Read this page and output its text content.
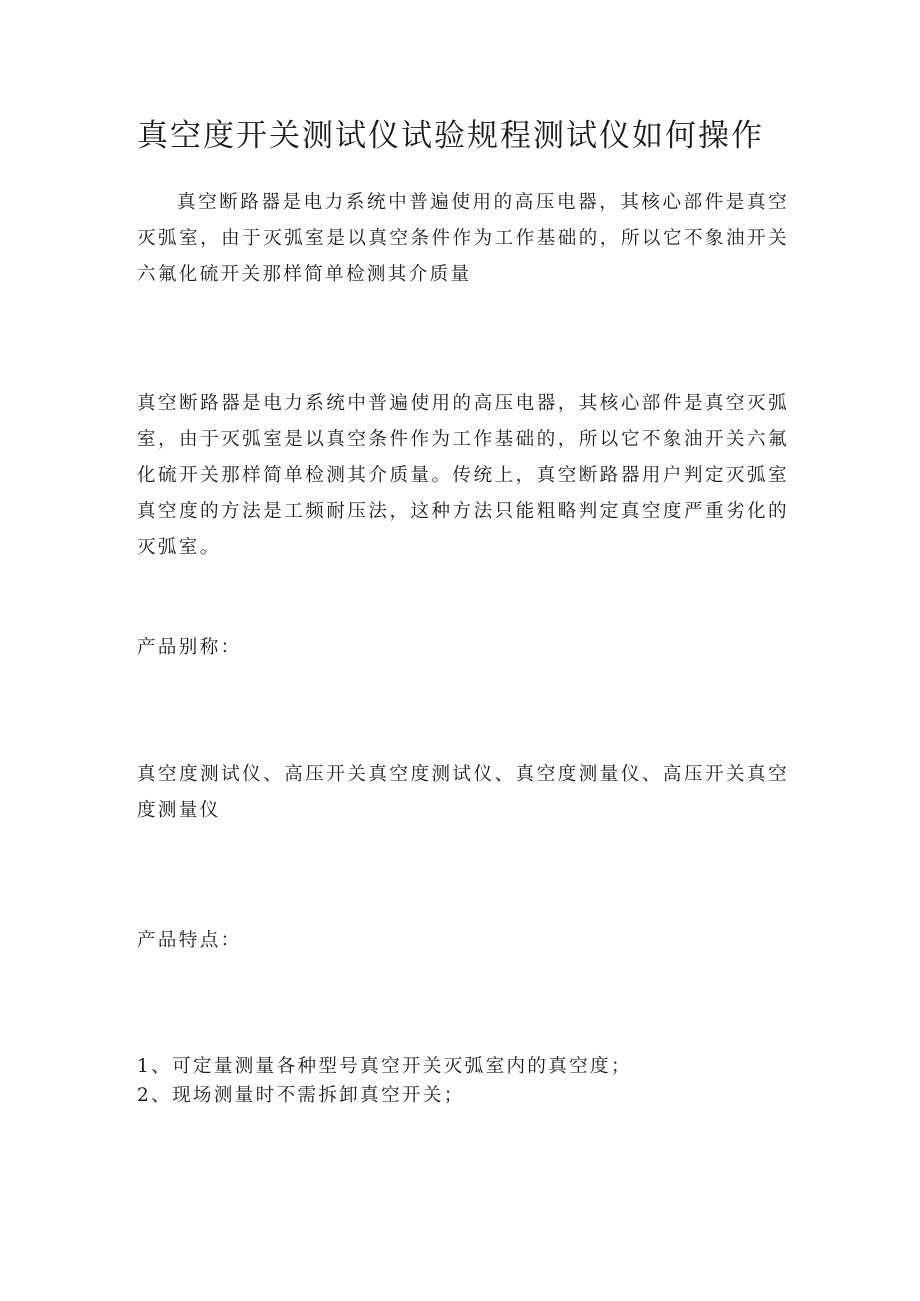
真空度开关测试仪试验规程测试仪如何操作

真空断路器是电力系统中普遍使用的高压电器，其核心部件是真空灭弧室，由于灭弧室是以真空条件作为工作基础的，所以它不象油开关六氟化硫开关那样简单检测其介质量

真空断路器是电力系统中普遍使用的高压电器，其核心部件是真空灭弧室，由于灭弧室是以真空条件作为工作基础的，所以它不象油开关六氟化硫开关那样简单检测其介质量。传统上，真空断路器用户判定灭弧室真空度的方法是工频耐压法，这种方法只能粗略判定真空度严重劣化的灭弧室。

产品别称：

真空度测试仪、高压开关真空度测试仪、真空度测量仪、高压开关真空度测量仪

产品特点：

1、可定量测量各种型号真空开关灭弧室内的真空度；
2、现场测量时不需拆卸真空开关；
